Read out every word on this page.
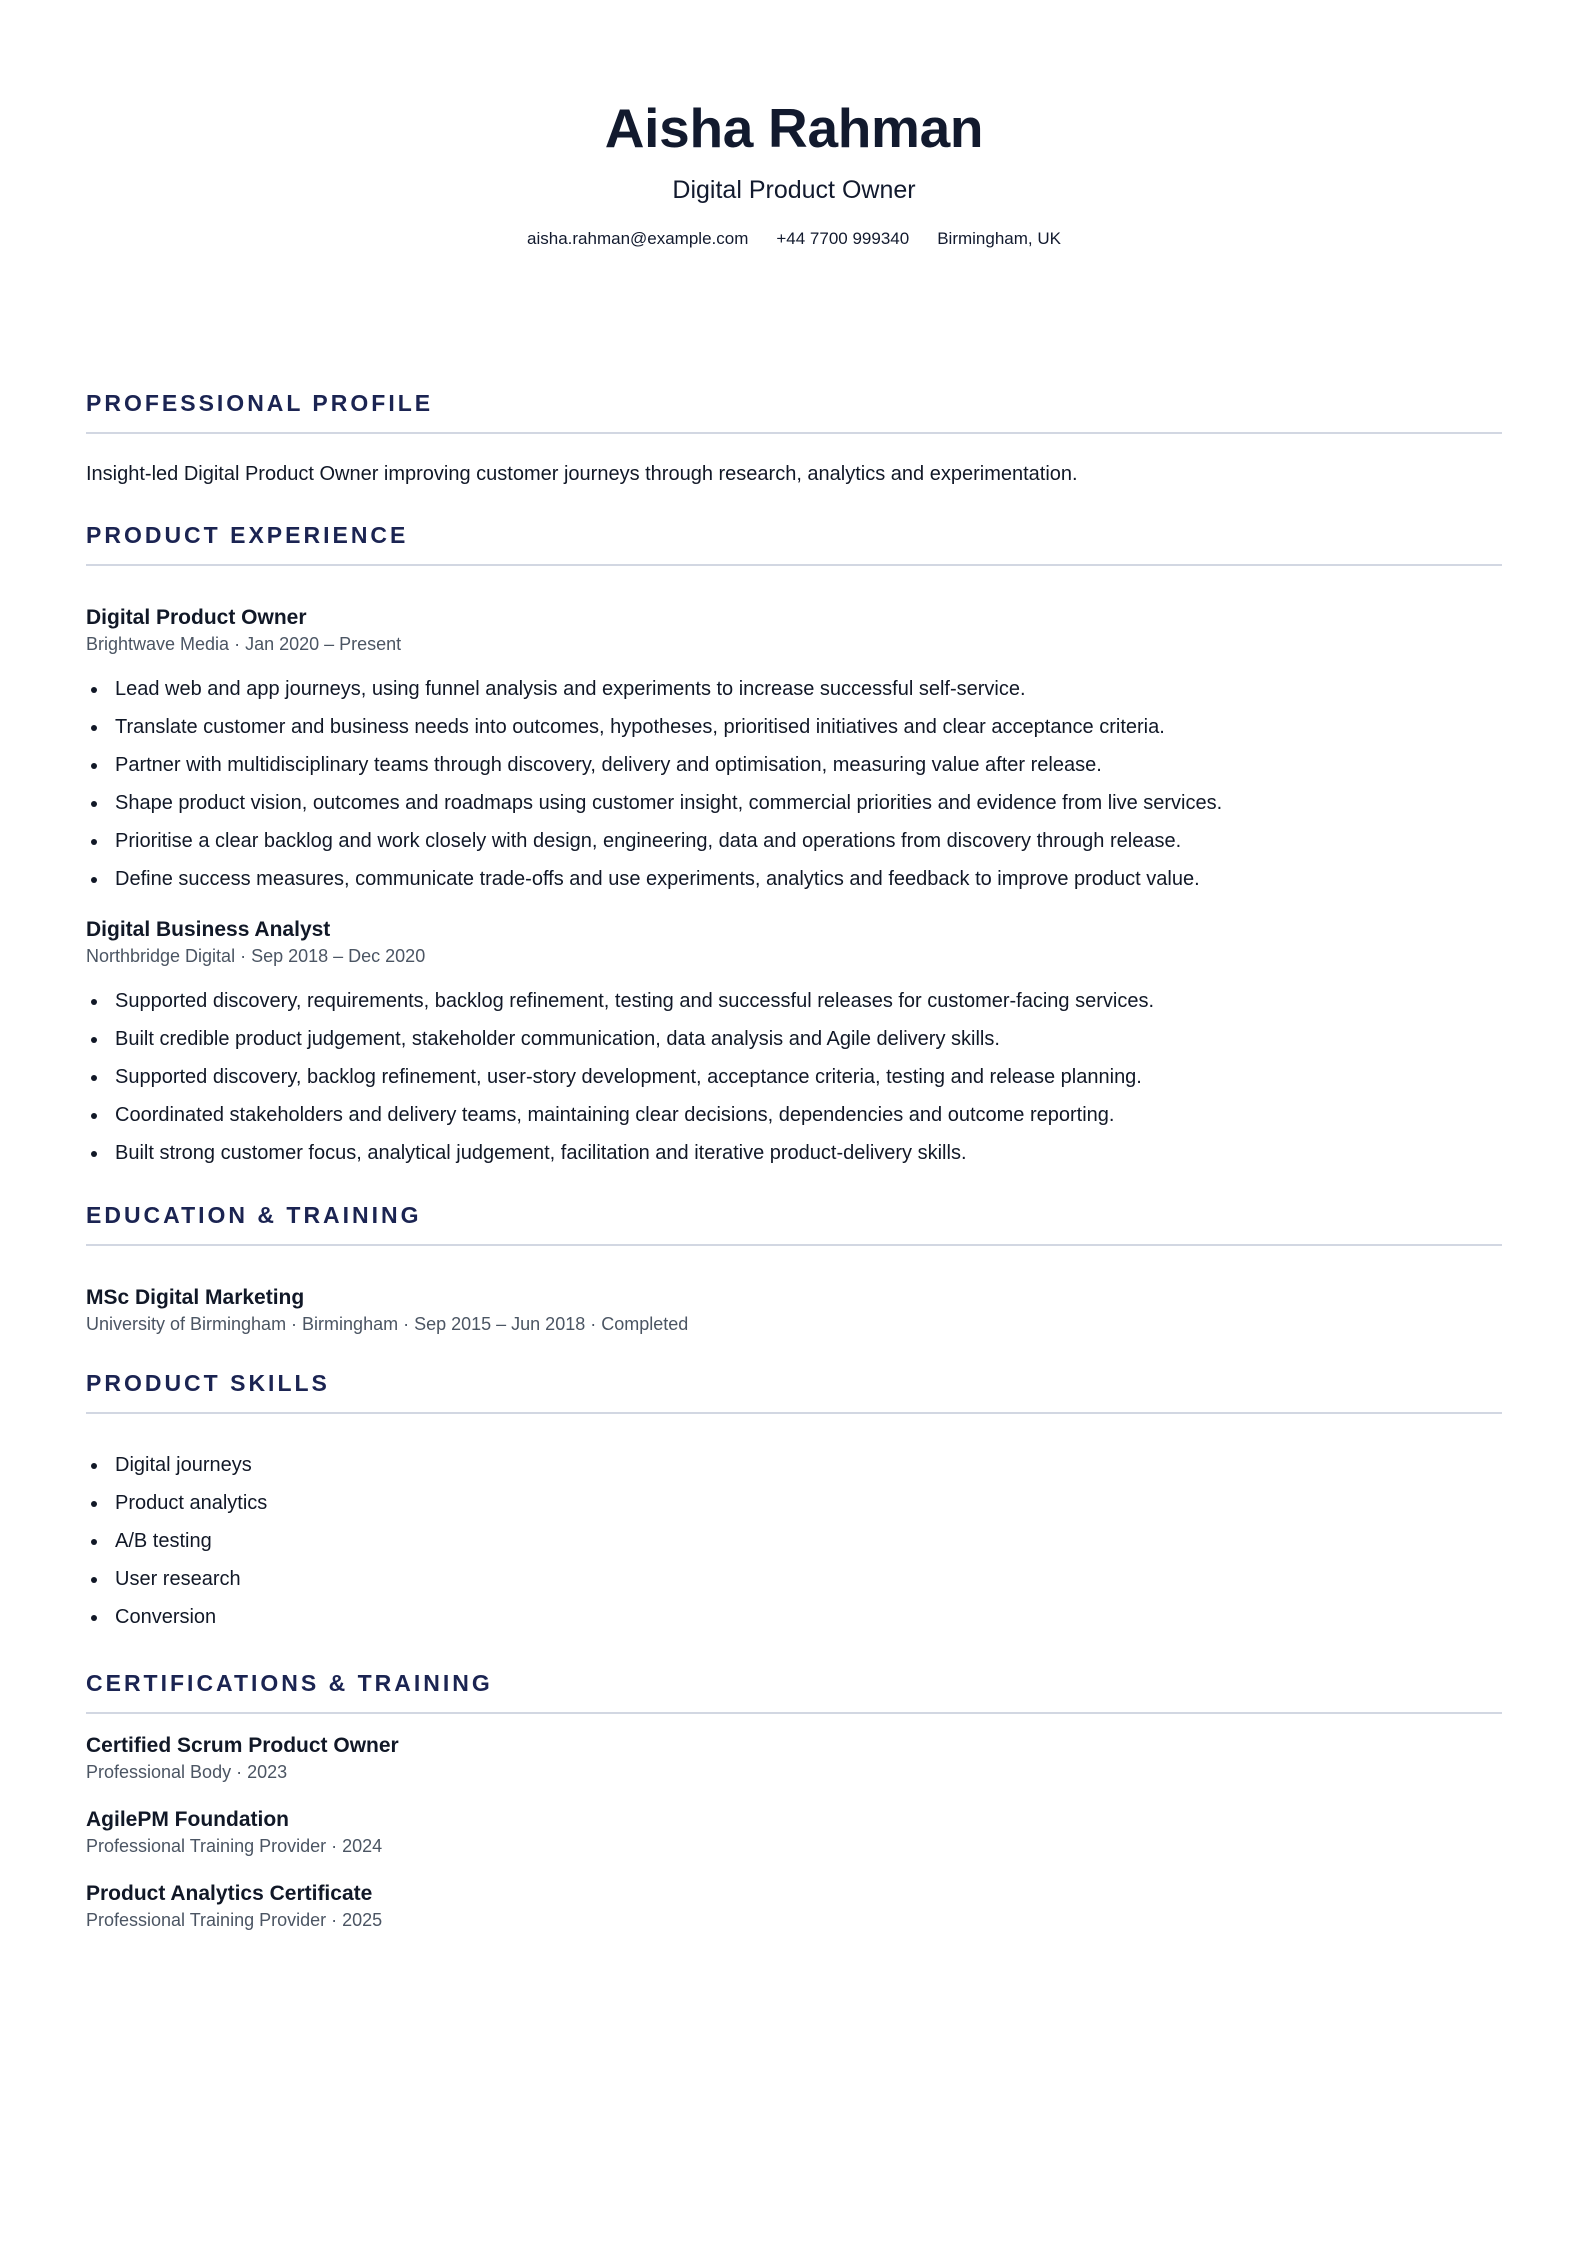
Aisha Rahman
Digital Product Owner
aisha.rahman@example.com +44 7700 999340 Birmingham, UK
PROFESSIONAL PROFILE
Insight-led Digital Product Owner improving customer journeys through research, analytics and experimentation.
PRODUCT EXPERIENCE
Digital Product Owner
Brightwave Media · Jan 2020 – Present
Lead web and app journeys, using funnel analysis and experiments to increase successful self-service.
Translate customer and business needs into outcomes, hypotheses, prioritised initiatives and clear acceptance criteria.
Partner with multidisciplinary teams through discovery, delivery and optimisation, measuring value after release.
Shape product vision, outcomes and roadmaps using customer insight, commercial priorities and evidence from live services.
Prioritise a clear backlog and work closely with design, engineering, data and operations from discovery through release.
Define success measures, communicate trade-offs and use experiments, analytics and feedback to improve product value.
Digital Business Analyst
Northbridge Digital · Sep 2018 – Dec 2020
Supported discovery, requirements, backlog refinement, testing and successful releases for customer-facing services.
Built credible product judgement, stakeholder communication, data analysis and Agile delivery skills.
Supported discovery, backlog refinement, user-story development, acceptance criteria, testing and release planning.
Coordinated stakeholders and delivery teams, maintaining clear decisions, dependencies and outcome reporting.
Built strong customer focus, analytical judgement, facilitation and iterative product-delivery skills.
EDUCATION & TRAINING
MSc Digital Marketing
University of Birmingham · Birmingham · Sep 2015 – Jun 2018 · Completed
PRODUCT SKILLS
Digital journeys
Product analytics
A/B testing
User research
Conversion
CERTIFICATIONS & TRAINING
Certified Scrum Product Owner
Professional Body · 2023
AgilePM Foundation
Professional Training Provider · 2024
Product Analytics Certificate
Professional Training Provider · 2025
